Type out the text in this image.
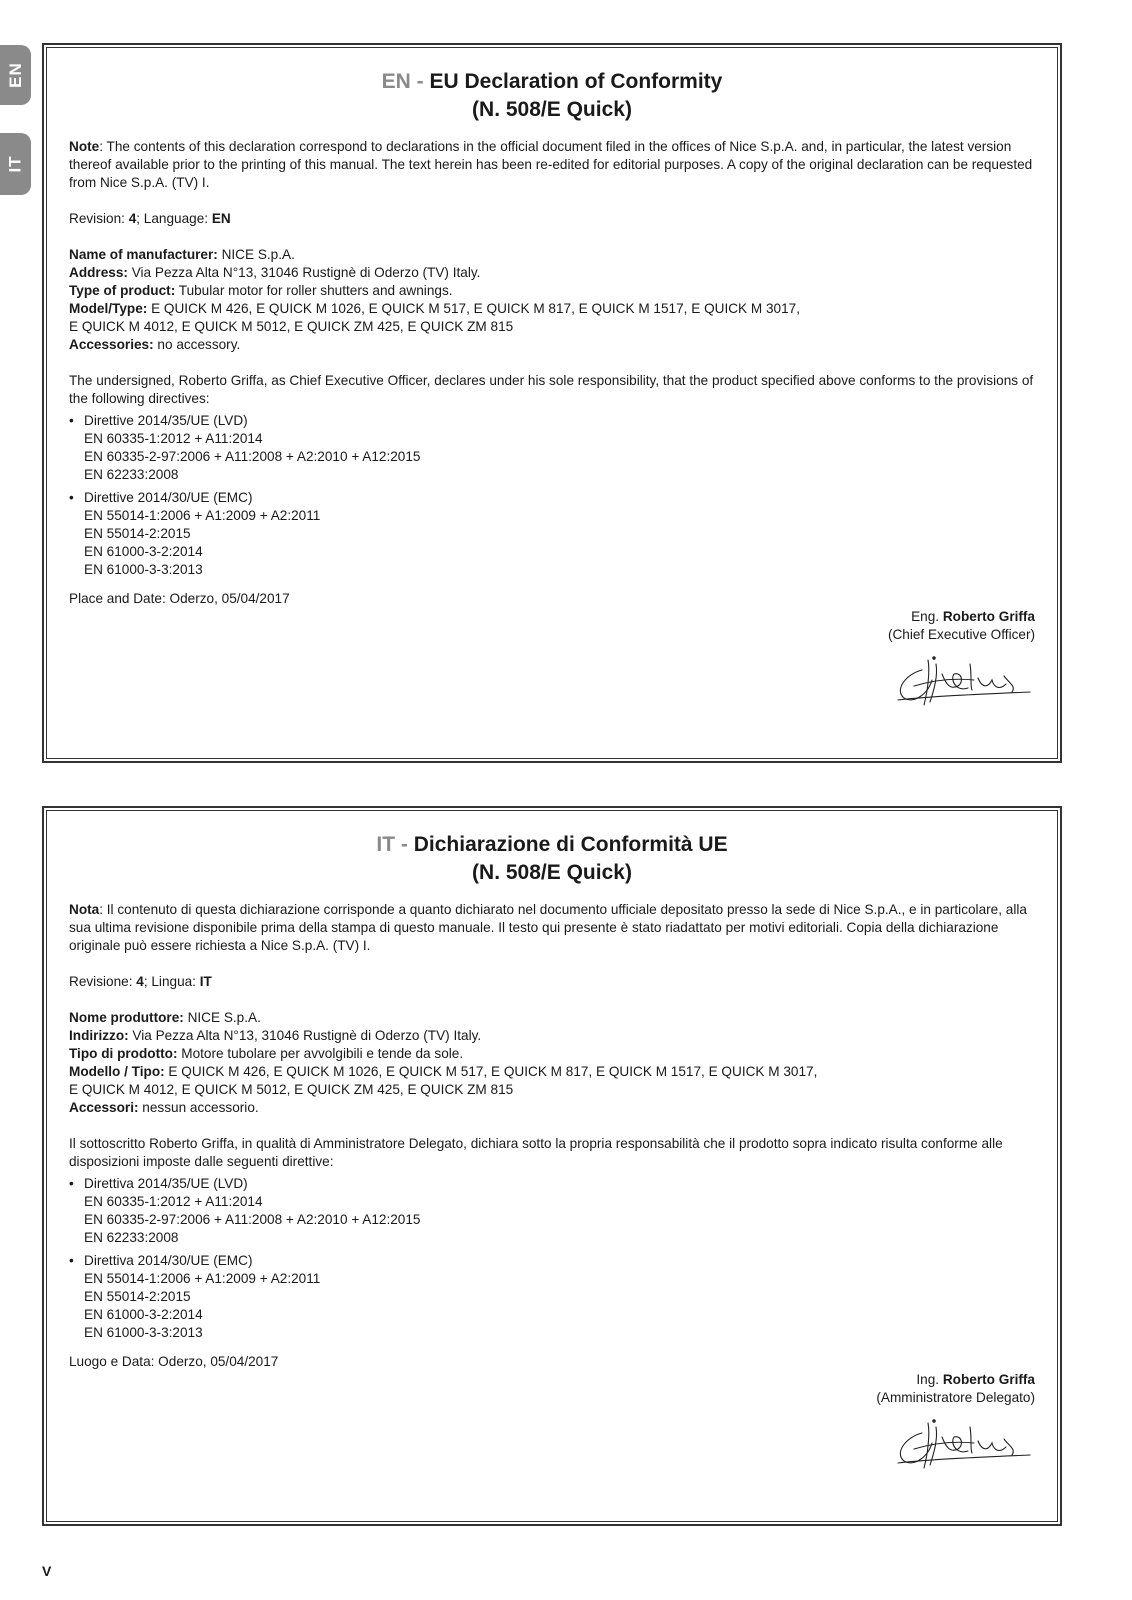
EN
IT
EN - EU Declaration of Conformity
(N. 508/E Quick)

Note: The contents of this declaration correspond to declarations in the official document filed in the offices of Nice S.p.A. and, in particular, the latest version thereof available prior to the printing of this manual. The text herein has been re-edited for editorial purposes. A copy of the original declaration can be requested from Nice S.p.A. (TV) I.

Revision: 4; Language: EN

Name of manufacturer: NICE S.p.A.

Address: Via Pezza Alta N°13, 31046 Rustignè di Oderzo (TV) Italy.

Type of product: Tubular motor for roller shutters and awnings.

Model/Type: E QUICK M 426, E QUICK M 1026, E QUICK M 517, E QUICK M 817, E QUICK M 1517, E QUICK M 3017,
E QUICK M 4012, E QUICK M 5012, E QUICK ZM 425, E QUICK ZM 815

Accessories: no accessory.

The undersigned, Roberto Griffa, as Chief Executive Officer, declares under his sole responsibility, that the product specified above conforms to the provisions of the following directives:

• Direttive 2014/35/UE (LVD)
EN 60335-1:2012 + A11:2014
EN 60335-2-97:2006 + A11:2008 + A2:2010 + A12:2015
EN 62233:2008
• Direttive 2014/30/UE (EMC)
EN 55014-1:2006 + A1:2009 + A2:2011
EN 55014-2:2015
EN 61000-3-2:2014
EN 61000-3-3:2013

Place and Date: Oderzo, 05/04/2017

Eng. Roberto Griffa
(Chief Executive Officer)
IT - Dichiarazione di Conformità UE
(N. 508/E Quick)

Nota: Il contenuto di questa dichiarazione corrisponde a quanto dichiarato nel documento ufficiale depositato presso la sede di Nice S.p.A., e in particolare, alla sua ultima revisione disponibile prima della stampa di questo manuale. Il testo qui presente è stato riadattato per motivi editoriali. Copia della dichiarazione originale può essere richiesta a Nice S.p.A. (TV) I.

Revisione: 4; Lingua: IT

Nome produttore: NICE S.p.A.

Indirizzo: Via Pezza Alta N°13, 31046 Rustignè di Oderzo (TV) Italy.

Tipo di prodotto: Motore tubolare per avvolgibili e tende da sole.

Modello / Tipo: E QUICK M 426, E QUICK M 1026, E QUICK M 517, E QUICK M 817, E QUICK M 1517, E QUICK M 3017,
E QUICK M 4012, E QUICK M 5012, E QUICK ZM 425, E QUICK ZM 815

Accessori: nessun accessorio.

Il sottoscritto Roberto Griffa, in qualità di Amministratore Delegato, dichiara sotto la propria responsabilità che il prodotto sopra indicato risulta conforme alle disposizioni imposte dalle seguenti direttive:

• Direttiva 2014/35/UE (LVD)
EN 60335-1:2012 + A11:2014
EN 60335-2-97:2006 + A11:2008 + A2:2010 + A12:2015
EN 62233:2008
• Direttiva 2014/30/UE (EMC)
EN 55014-1:2006 + A1:2009 + A2:2011
EN 55014-2:2015
EN 61000-3-2:2014
EN 61000-3-3:2013

Luogo e Data: Oderzo, 05/04/2017

Ing. Roberto Griffa
(Amministratore Delegato)
V
